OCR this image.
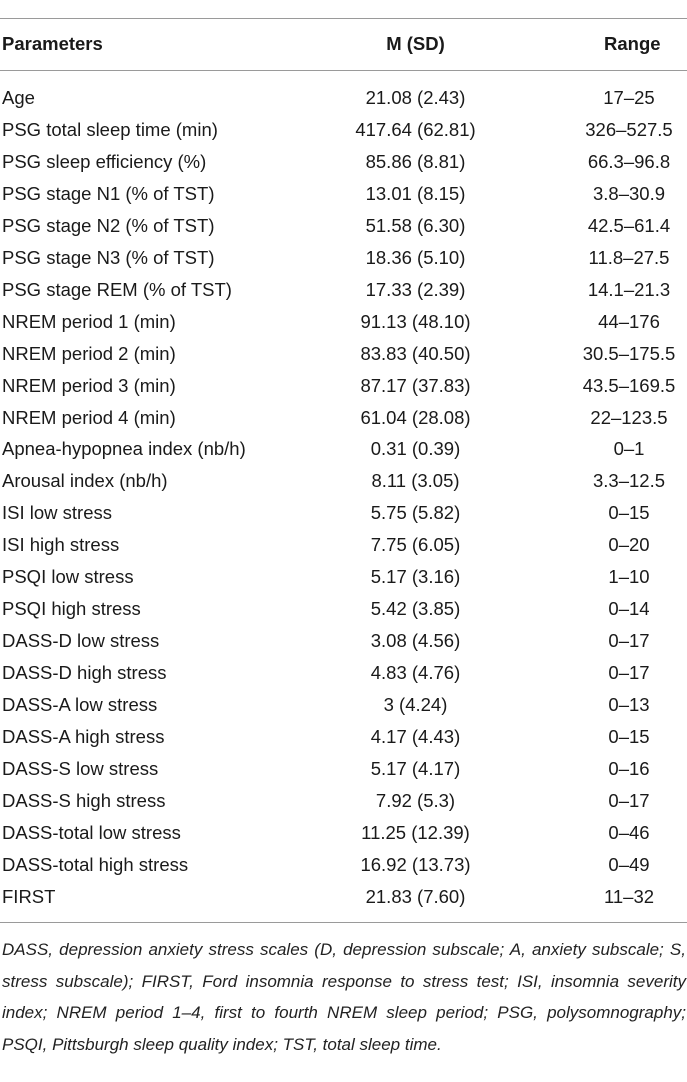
Parameters	M (SD)	Range
Age	21.08 (2.43)	17–25
PSG total sleep time (min)	417.64 (62.81)	326–527.5
PSG sleep efficiency (%)	85.86 (8.81)	66.3–96.8
PSG stage N1 (% of TST)	13.01 (8.15)	3.8–30.9
PSG stage N2 (% of TST)	51.58 (6.30)	42.5–61.4
PSG stage N3 (% of TST)	18.36 (5.10)	11.8–27.5
PSG stage REM (% of TST)	17.33 (2.39)	14.1–21.3
NREM period 1 (min)	91.13 (48.10)	44–176
NREM period 2 (min)	83.83 (40.50)	30.5–175.5
NREM period 3 (min)	87.17 (37.83)	43.5–169.5
NREM period 4 (min)	61.04 (28.08)	22–123.5
Apnea-hypopnea index (nb/h)	0.31 (0.39)	0–1
Arousal index (nb/h)	8.11 (3.05)	3.3–12.5
ISI low stress	5.75 (5.82)	0–15
ISI high stress	7.75 (6.05)	0–20
PSQI low stress	5.17 (3.16)	1–10
PSQI high stress	5.42 (3.85)	0–14
DASS-D low stress	3.08 (4.56)	0–17
DASS-D high stress	4.83 (4.76)	0–17
DASS-A low stress	3 (4.24)	0–13
DASS-A high stress	4.17 (4.43)	0–15
DASS-S low stress	5.17 (4.17)	0–16
DASS-S high stress	7.92 (5.3)	0–17
DASS-total low stress	11.25 (12.39)	0–46
DASS-total high stress	16.92 (13.73)	0–49
FIRST	21.83 (7.60)	11–32
DASS, depression anxiety stress scales (D, depression subscale; A, anxiety subscale; S, stress subscale); FIRST, Ford insomnia response to stress test; ISI, insomnia severity index; NREM period 1–4, first to fourth NREM sleep period; PSG, polysomnography; PSQI, Pittsburgh sleep quality index; TST, total sleep time.
